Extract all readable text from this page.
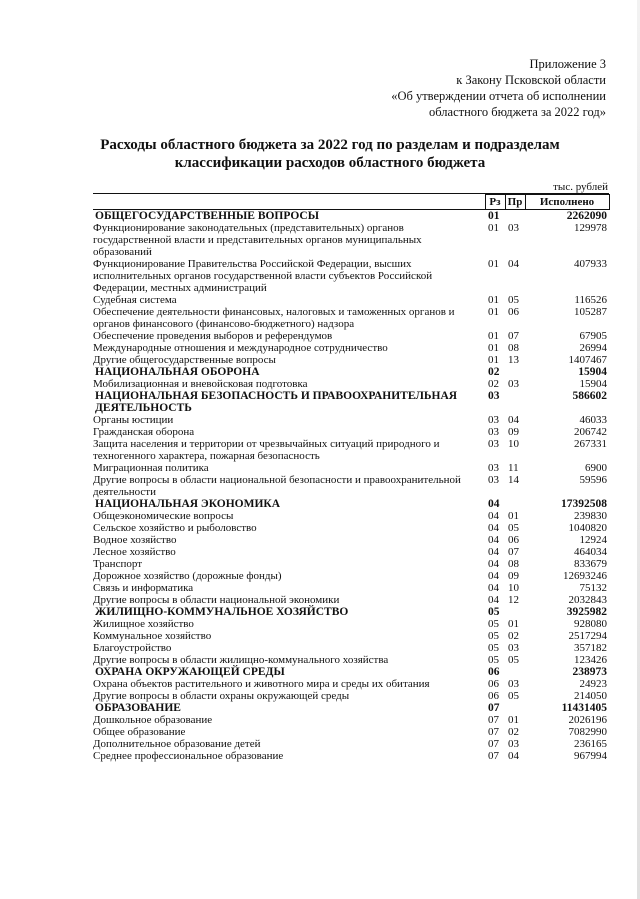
Приложение 3
к Закону Псковской области
«Об утверждении отчета об исполнении
областного бюджета за 2022 год»
Расходы областного бюджета за 2022 год по разделам и подразделам
классификации расходов областного бюджета
тыс. рублей
	Рз	Пр	Исполнено
ОБЩЕГОСУДАРСТВЕННЫЕ ВОПРОСЫ	01		2262090
Функционирование законодательных (представительных) органов государственной власти и представительных органов муниципальных образований	01	03	129978
Функционирование Правительства Российской Федерации, высших исполнительных органов государственной власти субъектов Российской Федерации, местных администраций	01	04	407933
Судебная система	01	05	116526
Обеспечение деятельности финансовых, налоговых и таможенных органов и органов финансового (финансово-бюджетного) надзора	01	06	105287
Обеспечение проведения выборов и референдумов	01	07	67905
Международные отношения и международное сотрудничество	01	08	26994
Другие общегосударственные вопросы	01	13	1407467
НАЦИОНАЛЬНАЯ ОБОРОНА	02		15904
Мобилизационная и вневойсковая подготовка	02	03	15904
НАЦИОНАЛЬНАЯ БЕЗОПАСНОСТЬ И ПРАВООХРАНИТЕЛЬНАЯ ДЕЯТЕЛЬНОСТЬ	03		586602
Органы юстиции	03	04	46033
Гражданская оборона	03	09	206742
Защита населения и территории от чрезвычайных ситуаций природного и техногенного характера, пожарная безопасность	03	10	267331
Миграционная политика	03	11	6900
Другие вопросы в области национальной безопасности и правоохранительной деятельности	03	14	59596
НАЦИОНАЛЬНАЯ ЭКОНОМИКА	04		17392508
Общеэкономические вопросы	04	01	239830
Сельское хозяйство и рыболовство	04	05	1040820
Водное хозяйство	04	06	12924
Лесное хозяйство	04	07	464034
Транспорт	04	08	833679
Дорожное хозяйство (дорожные фонды)	04	09	12693246
Связь и информатика	04	10	75132
Другие вопросы в области национальной экономики	04	12	2032843
ЖИЛИЩНО-КОММУНАЛЬНОЕ ХОЗЯЙСТВО	05		3925982
Жилищное хозяйство	05	01	928080
Коммунальное хозяйство	05	02	2517294
Благоустройство	05	03	357182
Другие вопросы в области жилищно-коммунального хозяйства	05	05	123426
ОХРАНА ОКРУЖАЮЩЕЙ СРЕДЫ	06		238973
Охрана объектов растительного и животного мира и среды их обитания	06	03	24923
Другие вопросы в области охраны окружающей среды	06	05	214050
ОБРАЗОВАНИЕ	07		11431405
Дошкольное образование	07	01	2026196
Общее образование	07	02	7082990
Дополнительное образование детей	07	03	236165
Среднее профессиональное образование	07	04	967994
